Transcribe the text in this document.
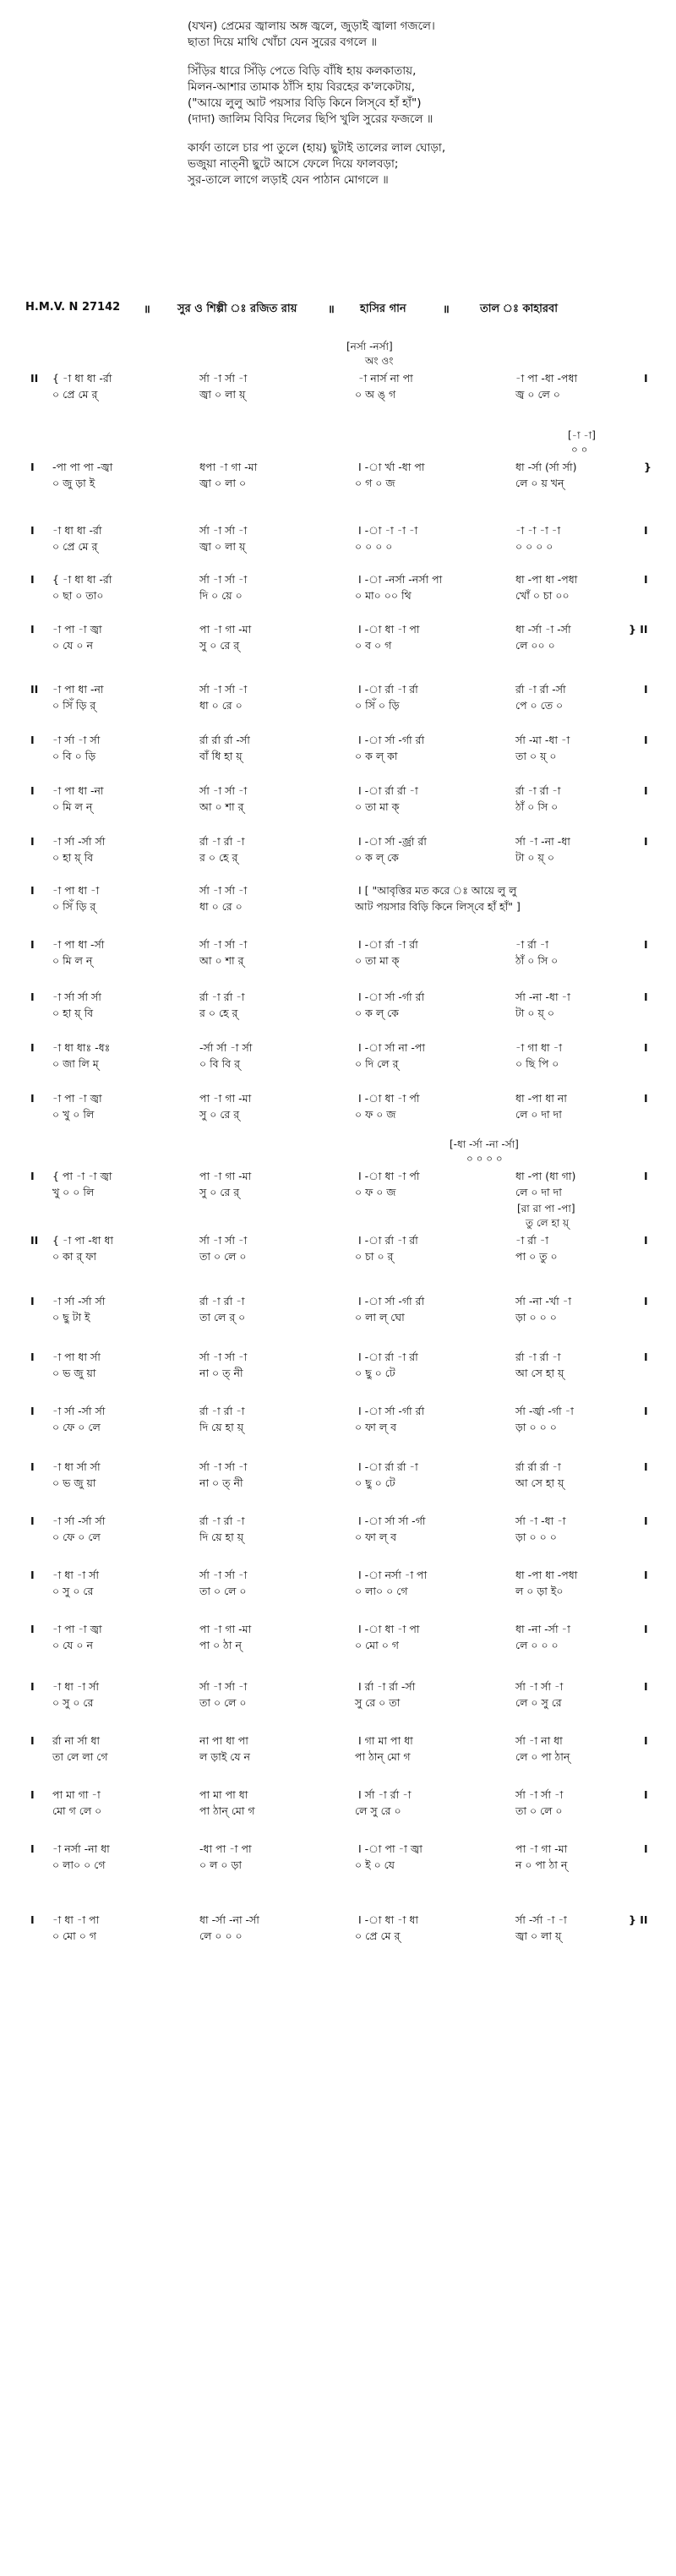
(যখন) প্রেমের জ্বালায় অঙ্গ জ্বলে, জুড়াই জ্বালা গজলে।
ছাতা দিয়ে মাথি খোঁচা যেন সুরের বগলে ॥
সিঁড়ির ধারে সিঁড়ি পেতে বিড়ি বাঁধি হায় কলকাতায়,
মিলন-আশার তামাক ঠাঁসি হায় বিরহের ক'লকেটায়,
("আয়ে লুলু আট পয়সার বিড়ি কিনে লিস্‌বে হাঁ হাঁ")
(দাদা) জালিম বিবির দিলের ছিপি খুলি সুরের ফজলে ॥
কার্ফা তালে চার পা তুলে (হায়) ছুটাই তালের লাল ঘোড়া,
ভজুয়া নাত্‌নী ছুটে আসে ফেলে দিয়ে ফালবড়া;
সুর-তালে লাগে লড়াই যেন পাঠান মোগলে ॥
H.M.V. N 27142 ॥ সুর ও শিল্পী ঃ রজিত রায়	॥ হাসির গান	॥	তাল ঃ কাহারবা
[নর্সা -নর্সা]
অং ওং
II { -া ধা ধা -র্রা	র্সা -া র্সা -া	-া নার্স না পা	-া পা -ধা -পধা	I
০ প্রে মে র্	জ্বা ০ লা য়্	০ অ ঙ্ গ	জ্ব ০ লে ০
[-া -া]
০ ০
I -পা পা পা -জ্বা	ধপা -া গা -মা	I -া র্খা -ধা পা	ধা -র্সা (র্সা র্সা)	}
০ জু ড়া ই	জ্বা ০ লা ০	০ গ ০ জ	লে ০ য় খন্
I -া ধা ধা -র্রা	র্সা -া র্সা -া	I -া -া -া -া	-া -া -া -া	I
০ প্রে মে র্	জ্বা ০ লা য়্	০ ০ ০ ০	০ ০ ০ ০
I { -া ধা ধা -র্রা	র্সা -া র্সা -া	I -া -নর্সা -নর্সা পা	ধা -পা ধা -পধা	I
০ ছা ০ তা০	দি ০ য়ে ০	০ মা০ ০০ থি	খোঁ ০ চা ০০
I -া পা -া জ্বা	পা -া গা -মা	I -া ধা -া পা	ধা -র্সা -া -র্সা	} II
০ যে ০ ন	সু ০ রে র্	০ ব ০ গ	লে ০০ ০
II -া পা ধা -না	র্সা -া র্সা -া	I -া র্রা -া র্রা	র্রা -া র্রা -র্সা	I
০ সিঁ ড়ি র্	ধা ০ রে ০	০ সিঁ ০ ড়ি	পে ০ তে ০
I -া র্সা -া র্সা	র্রা র্রা র্রা -র্সা	I -া র্সা -র্গা র্রা	র্সা -মা -ধা -া	I
০ বি ০ ড়ি	বাঁ ধি হা য়্	০ ক ল্ কা	তা ০ য়্ ০
I -া পা ধা -না	র্সা -া র্সা -া	I -া র্রা র্রা -া	র্রা -া র্রা -া	I
০ মি ল ন্	আ ০ শা র্	০ তা মা ক্	ঠাঁ ০ সি ০
I -া র্সা -র্সা র্সা	র্রা -া র্রা -া	I -া র্সা -র্জ্রা র্রা	র্সা -া -না -ধা	I
০ হা য়্ বি	র ০ হে র্	০ ক ল্ কে	টা ০ য়্ ০
I -া পা ধা -া	র্সা -া র্সা -া	I [ "আবৃত্তির মত করে ঃ আয়ে লু লু
০ সিঁ ড়ি র্	ধা ০ রে ০	আট পয়সার বিড়ি কিনে লিস্‌বে হাঁ হাঁ" ]
I -া পা ধা -র্সা	র্সা -া র্সা -া	I -া র্রা -া র্রা	-া র্রা -া	I
০ মি ল ন্	আ ০ শা র্	০ তা মা ক্	ঠাঁ ০ সি ০
I -া র্সা র্সা র্সা	র্রা -া র্রা -া	I -া র্সা -র্গা র্রা	র্সা -না -ধা -া	I
০ হা য়্ বি	র ০ হে র্	০ ক ল্ কে	টা ০ য়্ ০
I -া ধা ধাঃ -ধঃ	-র্সা র্সা -া র্সা	I -া র্সা না -পা	-া গা ধা -া	I
০ জা লি ম্	০ বি বি র্	০ দি লে র্	০ ছি পি ০
I -া পা -া জ্বা	পা -া গা -মা	I -া ধা -া র্পা	ধা -পা ধা না	I
০ খু ০ লি	সু ০ রে র্	০ ফ ০ জ	লে ০ দা দা
[-ধা -র্সা -না -র্সা]
০ ০ ০ ০
I { পা -া -া জ্বা	পা -া গা -মা	I -া ধা -া র্পা	ধা -পা (ধা গা)	I
খু ০ ০ লি	সু ০ রে র্	০ ফ ০ জ	লে ০ দা দা
[রা রা পা -পা]
তু লে হা য়্
II { -া পা -ধা ধা	র্সা -া র্সা -া	I -া র্রা -া র্রা	-া র্রা -া	I
০ কা র্ ফা	তা ০ লে ০	০ চা ০ র্	পা ০ তু ০
I -া র্সা -র্সা র্সা	র্রা -া র্রা -া	I -া র্সা -র্গা র্রা	র্সা -না -র্খা -া	I
০ ছু টা ই	তা লে র্ ০	০ লা ল্ ঘো	ড়া ০ ০ ০
I -া পা ধা র্সা	র্সা -া র্সা -া	I -া র্রা -া র্রা	র্রা -া র্রা -া	I
০ ভ জু য়া	না ০ ত্ নী	০ ছু ০ টে	আ সে হা য়্
I -া র্সা -র্সা র্সা	র্রা -া র্রা -া	I -া র্সা -র্গা র্রা	র্সা -র্জ্বা -র্গা -া	I
০ ফে ০ লে	দি য়ে হা য়্	০ ফা ল্ ব	ড়া ০ ০ ০
I -া ধা র্সা র্সা	র্সা -া র্সা -া	I -া র্রা র্রা -া	র্রা র্রা র্রা -া	I
০ ভ জু য়া	না ০ ত্ নী	০ ছু ০ টে	আ সে হা য়্
I -া র্সা -র্সা র্সা	র্রা -া র্রা -া	I -া র্সা র্সা -র্গা	র্সা -া -ধা -া	I
০ ফে ০ লে	দি য়ে হা য়্	০ ফা ল্ ব	ড়া ০ ০ ০
I -া ধা -া র্সা	র্সা -া র্সা -া	I -া নর্সা -া পা	ধা -পা ধা -পধা	I
০ সু ০ রে	তা ০ লে ০	০ লা০ ০ গে	ল ০ ড়া ই০
I -া পা -া জ্বা	পা -া গা -মা	I -া ধা -া পা	ধা -না -র্সা -া	I
০ যে ০ ন	পা ০ ঠা ন্	০ মো ০ গ	লে ০ ০ ০
I -া ধা -া র্সা	র্সা -া র্সা -া	I র্রা -া র্রা -র্সা	র্সা -া র্সা -া	I
০ সু ০ রে	তা ০ লে ০	সু রে ০ তা	লে ০ সু রে
I র্রা না র্সা ধা	না পা ধা পা	I গা মা পা ধা	র্সা -া না ধা	I
তা লে লা গে	ল ড়াই যে ন	পা ঠান্ মো গ	লে ০ পা ঠান্
I পা মা গা -া	পা মা পা ধা	I র্সা -া র্রা -া	র্সা -া র্সা -া	I
মো গ লে ০	পা ঠান্ মো গ	লে সু রে ০	তা ০ লে ০
I -া নর্সা -না ধা	-ধা পা -া পা	I -া পা -া জ্বা	পা -া গা -মা	I
০ লা০ ০ গে	০ ল ০ ড়া	০ ই ০ যে	ন ০ পা ঠা ন্
I -া ধা -া পা	ধা -র্সা -না -র্সা	I -া ধা -া ধা	র্সা -র্সা -া -া	} II
০ মো ০ গ	লে ০ ০ ০	০ প্রে মে র্	জ্বা ০ লা য়্
